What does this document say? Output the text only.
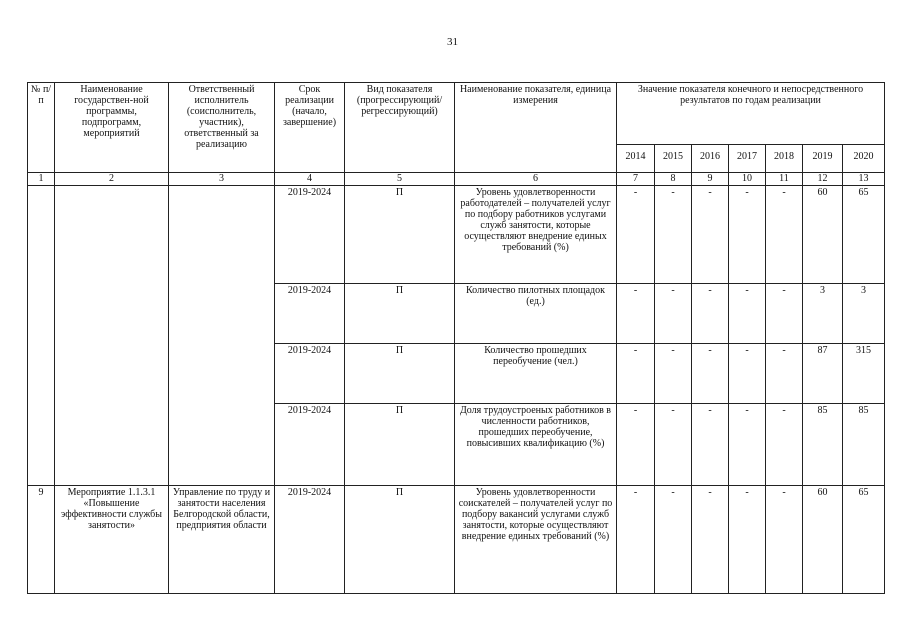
31
№ п/п	Наименование государствен-ной программы, подпрограмм, мероприятий	Ответственный исполнитель (соисполнитель, участник), ответственный за реализацию	Срок реализации (начало, завершение)	Вид показателя (прогрессирующий/ регрессирующий)	Наименование показателя, единица измерения	Значение показателя конечного и непосредственного результатов по годам реализации						
						2014	2015	2016	2017	2018	2019	2020
1	2	3	4	5	6	7	8	9	10	11	12	13
			2019-2024	П	Уровень удовлетворенности работодателей – получателей услуг по подбору работников услугами служб занятости, которые осуществляют внедрение единых требований (%)	-	-	-	-	-	60	65
			2019-2024	П	Количество пилотных площадок (ед.)	-	-	-	-	-	3	3
			2019-2024	П	Количество прошедших переобучение (чел.)	-	-	-	-	-	87	315
			2019-2024	П	Доля трудоустроеных работников в численности работников, прошедших переобучение, повысивших квалификацию (%)	-	-	-	-	-	85	85
9	Мероприятие 1.1.3.1 «Повышение эффективности службы занятости»	Управление по труду и занятости населения Белгородской области, предприятия области	2019-2024	П	Уровень удовлетворенности соискателей – получателей услуг по подбору вакансий услугами служб занятости, которые осуществляют внедрение единых требований (%)	-	-	-	-	-	60	65
